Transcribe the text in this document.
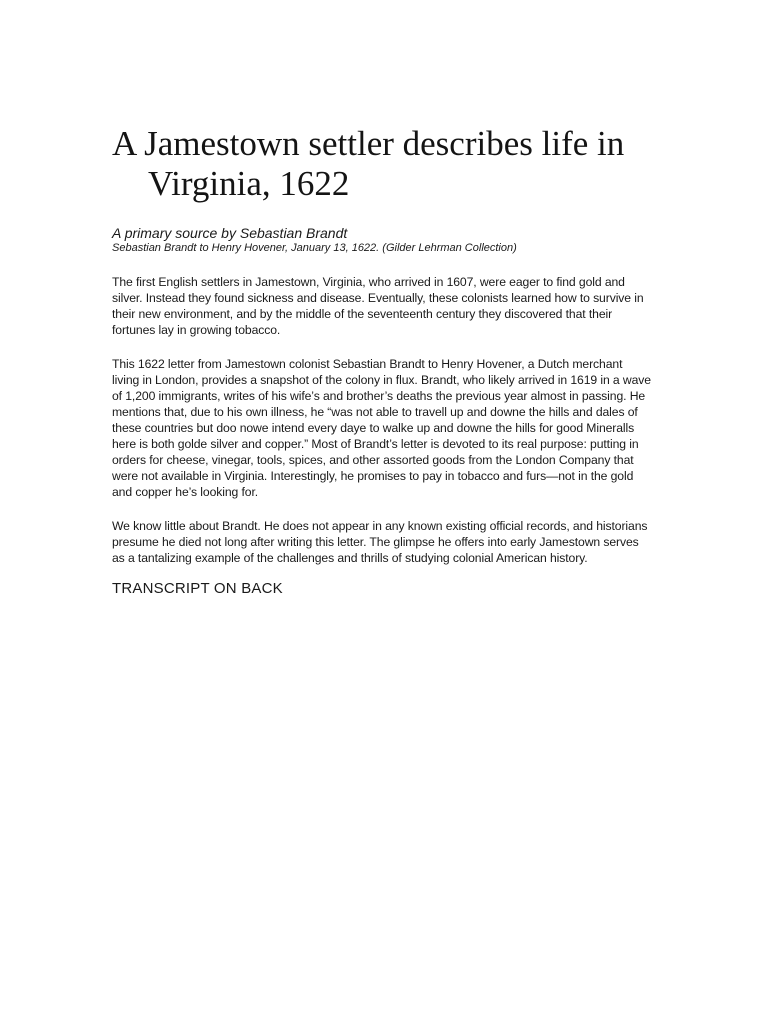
A Jamestown settler describes life in Virginia, 1622

A primary source by Sebastian Brandt

Sebastian Brandt to Henry Hovener, January 13, 1622. (Gilder Lehrman Collection)

The first English settlers in Jamestown, Virginia, who arrived in 1607, were eager to find gold and silver. Instead they found sickness and disease. Eventually, these colonists learned how to survive in their new environment, and by the middle of the seventeenth century they discovered that their fortunes lay in growing tobacco.

This 1622 letter from Jamestown colonist Sebastian Brandt to Henry Hovener, a Dutch merchant living in London, provides a snapshot of the colony in flux. Brandt, who likely arrived in 1619 in a wave of 1,200 immigrants, writes of his wife’s and brother’s deaths the previous year almost in passing. He mentions that, due to his own illness, he “was not able to travell up and downe the hills and dales of these countries but doo nowe intend every daye to walke up and downe the hills for good Mineralls here is both golde silver and copper.” Most of Brandt’s letter is devoted to its real purpose: putting in orders for cheese, vinegar, tools, spices, and other assorted goods from the London Company that were not available in Virginia. Interestingly, he promises to pay in tobacco and furs—not in the gold and copper he’s looking for.

We know little about Brandt. He does not appear in any known existing official records, and historians presume he died not long after writing this letter. The glimpse he offers into early Jamestown serves as a tantalizing example of the challenges and thrills of studying colonial American history.

TRANSCRIPT ON BACK
